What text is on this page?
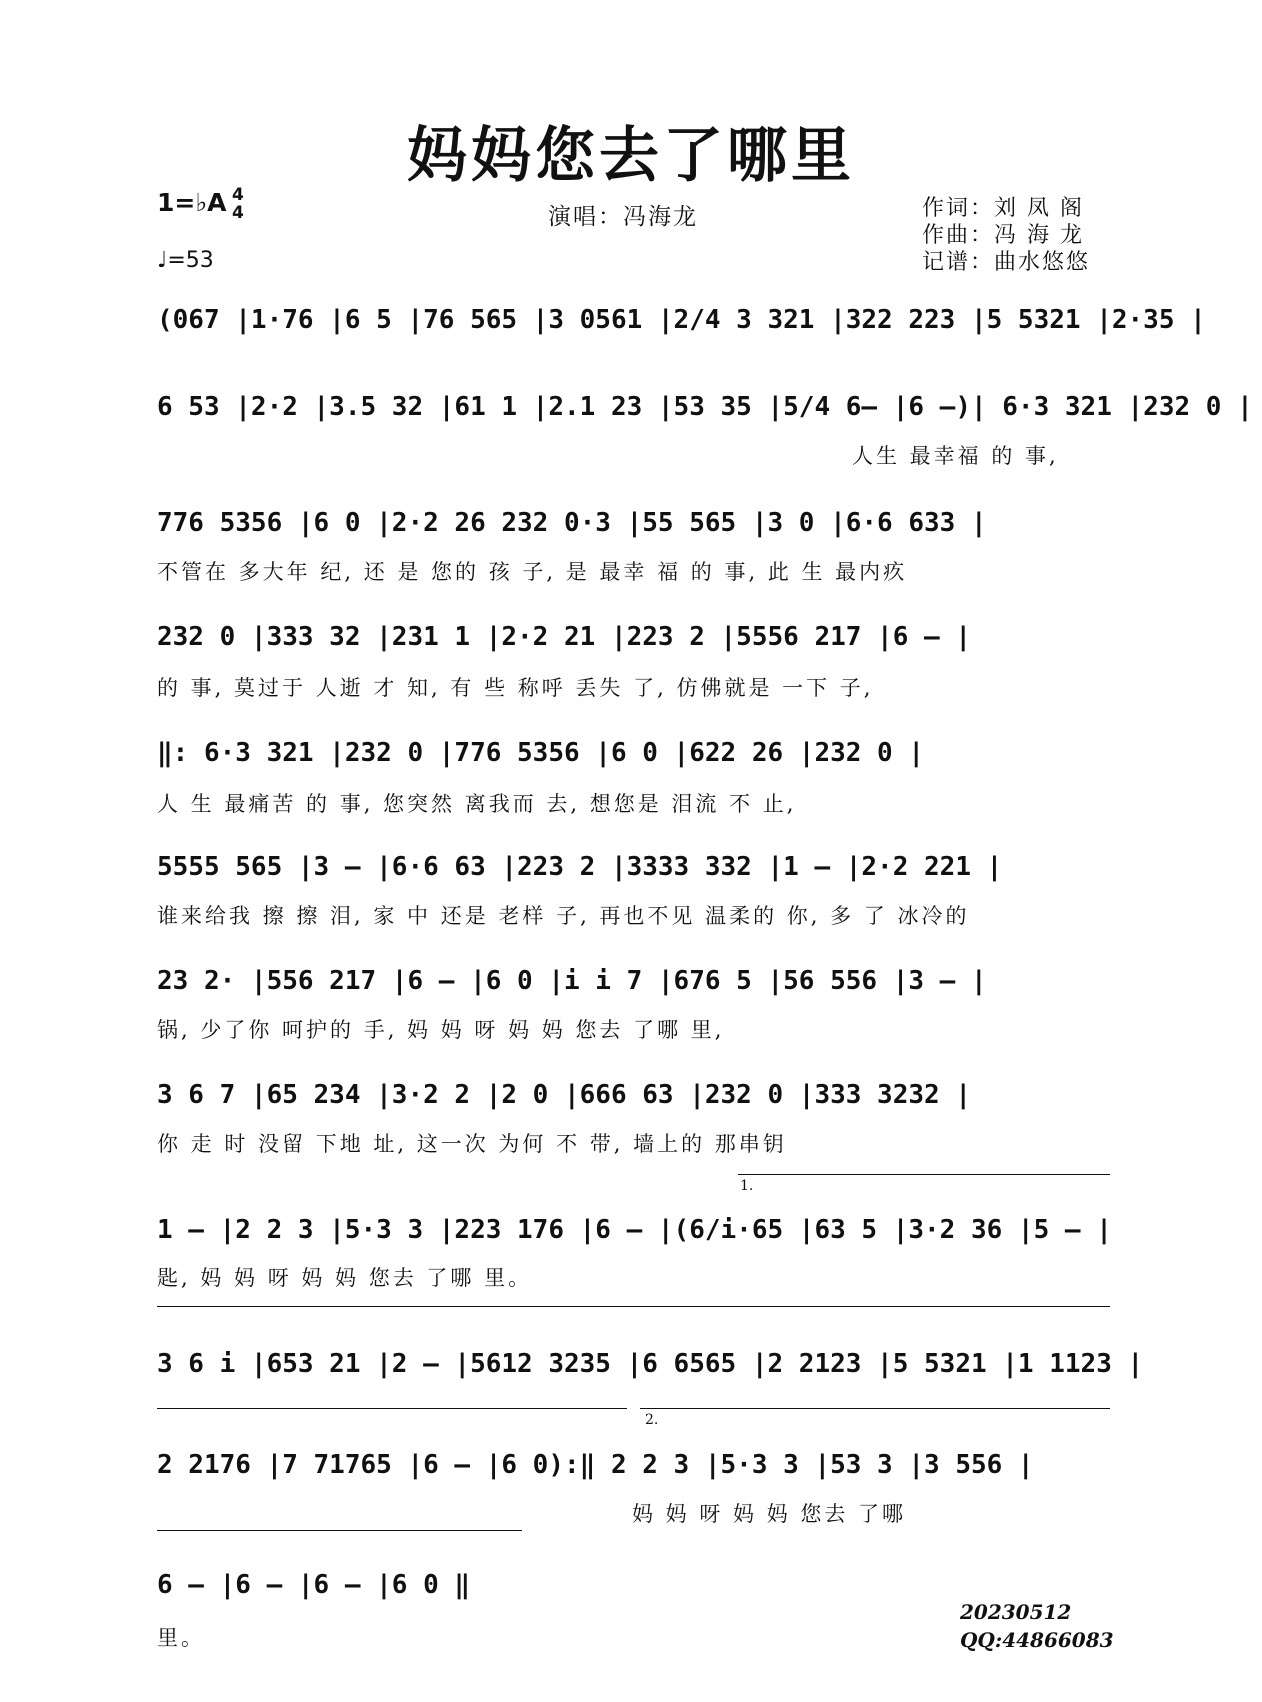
妈妈您去了哪里
1=♭A 4
4
♩=53
演唱：冯海龙	作词：刘 凤 阁
作曲：冯 海 龙
记谱：曲水悠悠
(067 |1·76 |6 5 |76 565 |3 0561 |2/4 3 321 |322 223 |5 5321 |2·35 |
6 53 |2·2 |3.5 32 |61 1 |2.1 23 |53 35 |5/4 6– |6 –)| 6·3 321 |232 0 |
人生 最幸福 的 事,
776 5356 |6 0 |2·2 26 232 0·3 |55 565 |3 0 |6·6 633 |
不管在 多大年 纪, 还 是 您的 孩 子, 是 最幸 福 的 事, 此 生 最内疚
232 0 |333 32 |231 1 |2·2 21 |223 2 |5556 217 |6 – |
的 事, 莫过于 人逝 才 知, 有 些 称呼 丢失 了, 仿佛就是 一下 子,
‖: 6·3 321 |232 0 |776 5356 |6 0 |622 26 |232 0 |
人 生 最痛苦 的 事, 您突然 离我而 去, 想您是 泪流 不 止,
5555 565 |3 – |6·6 63 |223 2 |3333 332 |1 – |2·2 221 |
谁来给我 擦 擦 泪, 家 中 还是 老样 子, 再也不见 温柔的 你, 多 了 冰冷的
23 2· |556 217 |6 – |6 0 |i i 7 |676 5 |56 556 |3 – |
锅, 少了你 呵护的 手, 妈 妈 呀 妈 妈 您去 了哪 里,
3 6 7 |65 234 |3·2 2 |2 0 |666 63 |232 0 |333 3232 |
你 走 时 没留 下地 址, 这一次 为何 不 带, 墙上的 那串钥
1.
1 – |2 2 3 |5·3 3 |223 176 |6 – |(6/i·65 |63 5 |3·2 36 |5 – |
匙, 妈 妈 呀 妈 妈 您去 了哪 里。
3 6 i |653 21 |2 – |5612 3235 |6 6565 |2 2123 |5 5321 |1 1123 |
2.
2 2176 |7 71765 |6 – |6 0):‖ 2 2 3 |5·3 3 |53 3 |3 556 |
妈 妈 呀 妈 妈 您去 了哪
6 – |6 – |6 – |6 0 ‖
里。
20230512
QQ:44866083
